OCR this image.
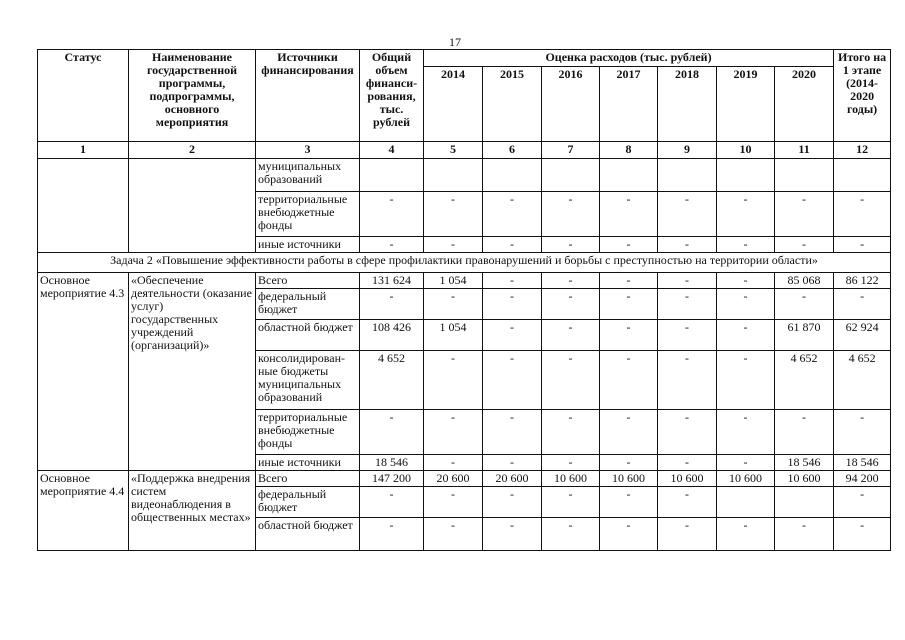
17
Статус	Наименование государственной программы, подпрограммы, основного мероприятия	Источники финансирования	Общий объем финанси-рования, тыс. рублей	Оценка расходов (тыс. рублей)							Итого на 1 этапе (2014-2020 годы)
				2014	2015	2016	2017	2018	2019	2020	
1	2	3	4	5	6	7	8	9	10	11	12
		муниципальных образований									
		территориальные внебюджетные фонды	-	-	-	-	-	-	-	-	-
		иные источники	-	-	-	-	-	-	-	-	-
Задача 2 «Повышение эффективности работы в сфере профилактики правонарушений и борьбы с преступностью на территории области»											
Основное мероприятие 4.3	«Обеспечение деятельности (оказание услуг) государственных учреждений (организаций)»	Всего	131 624	1 054	-	-	-	-	-	85 068	86 122
		федеральный бюджет	-	-	-	-	-	-	-	-	-
		областной бюджет	108 426	1 054	-	-	-	-	-	61 870	62 924
		консолидирован-ные бюджеты муниципальных образований	4 652	-	-	-	-	-	-	4 652	4 652
		территориальные внебюджетные фонды	-	-	-	-	-	-	-	-	-
		иные источники	18 546	-	-	-	-	-	-	18 546	18 546
Основное мероприятие 4.4	«Поддержка внедрения систем видеонаблюдения в общественных местах»	Всего	147 200	20 600	20 600	10 600	10 600	10 600	10 600	10 600	94 200
		федеральный бюджет	-	-	-	-	-	-			-
		областной бюджет	-	-	-	-	-	-	-	-	-
